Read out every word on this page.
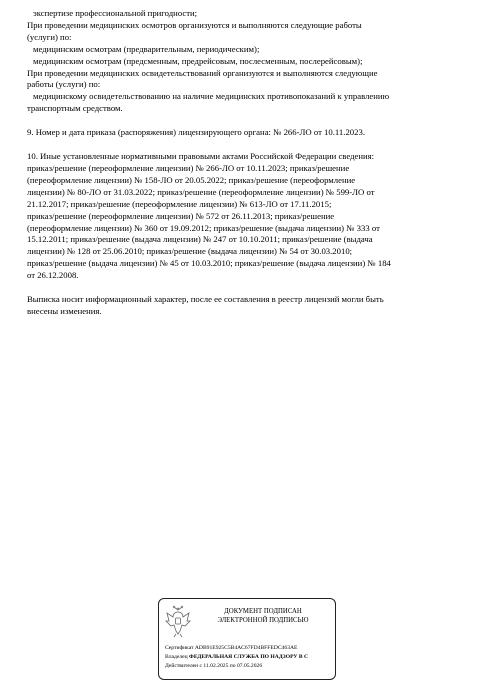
экспертизе профессиональной пригодности;
При проведении медицинских осмотров организуются и выполняются следующие работы
(услуги) по:
медицинским осмотрам (предварительным, периодическим);
медицинским осмотрам (предсменным, предрейсовым, послесменным, послерейсовым);
При проведении медицинских освидетельствований организуются и выполняются следующие
работы (услуги) по:
медицинскому освидетельствованию на наличие медицинских противопоказаний к управлению
транспортным средством.
9. Номер и дата приказа (распоряжения) лицензирующего органа: № 266-ЛО от 10.11.2023.
10. Иные установленные нормативными правовыми актами Российской Федерации сведения:
приказ/решение (переоформление лицензии) № 266-ЛО от 10.11.2023; приказ/решение
(переоформление лицензии) № 158-ЛО от 20.05.2022; приказ/решение (переоформление
лицензии) № 80-ЛО от 31.03.2022; приказ/решение (переоформление лицензии) № 599-ЛО от
21.12.2017; приказ/решение (переоформление лицензии) № 613-ЛО от 17.11.2015;
приказ/решение (переоформление лицензии) № 572 от 26.11.2013; приказ/решение
(переоформление лицензии) № 360 от 19.09.2012; приказ/решение (выдача лицензии) № 333 от
15.12.2011; приказ/решение (выдача лицензии) № 247 от 10.10.2011; приказ/решение (выдача
лицензии) № 128 от 25.06.2010; приказ/решение (выдача лицензии) № 54 от 30.03.2010;
приказ/решение (выдача лицензии) № 45 от 10.03.2010; приказ/решение (выдача лицензии) № 184
от 26.12.2008.
Выписка носит информационный характер, после ее составления в реестр лицензий могли быть
внесены изменения.
ДОКУМЕНТ ПОДПИСАН
ЭЛЕКТРОННОЙ ПОДПИСЬЮ
Сертификат ADB91E925C5B4AC67FD4BFFEDC463AE
Владелец ФЕДЕРАЛЬНАЯ СЛУЖБА ПО НАДЗОРУ В С
Действителен с 11.02.2025 по 07.05.2026
